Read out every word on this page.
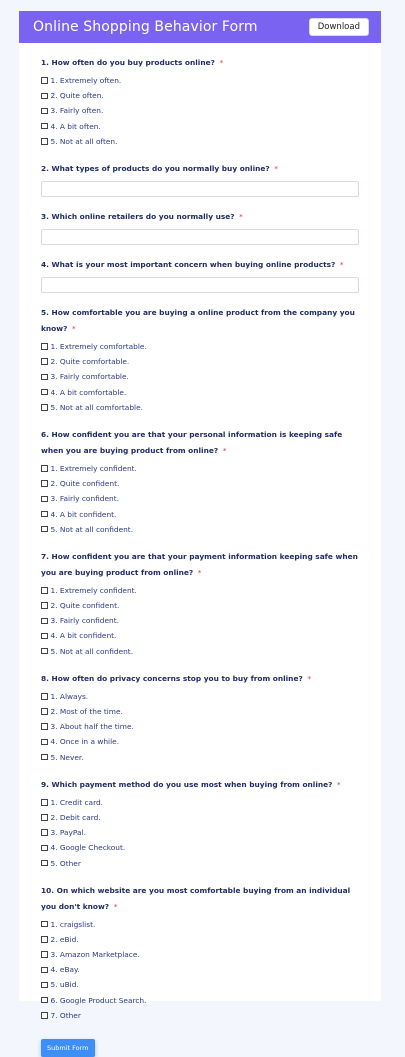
Online Shopping Behavior Form	Download
1. How often do you buy products online? *
1. Extremely often.
2. Quite often.
3. Fairly often.
4. A bit often.
5. Not at all often.
2. What types of products do you normally buy online? *
3. Which online retailers do you normally use? *
4. What is your most important concern when buying online products? *
5. How comfortable you are buying a online product from the company you know? *
1. Extremely comfortable.
2. Quite comfortable.
3. Fairly comfortable.
4. A bit comfortable.
5. Not at all comfortable.
6. How confident you are that your personal information is keeping safe when you are buying product from online? *
1. Extremely confident.
2. Quite confident.
3. Fairly confident.
4. A bit confident.
5. Not at all confident.
7. How confident you are that your payment information keeping safe when you are buying product from online? *
1. Extremely confident.
2. Quite confident.
3. Fairly confident.
4. A bit confident.
5. Not at all confident.
8. How often do privacy concerns stop you to buy from online? *
1. Always.
2. Most of the time.
3. About half the time.
4. Once in a while.
5. Never.
9. Which payment method do you use most when buying from online? *
1. Credit card.
2. Debit card.
3. PayPal.
4. Google Checkout.
5. Other
10. On which website are you most comfortable buying from an individual you don't know? *
1. craigslist.
2. eBid.
3. Amazon Marketplace.
4. eBay.
5. uBid.
6. Google Product Search.
7. Other
Submit Form
